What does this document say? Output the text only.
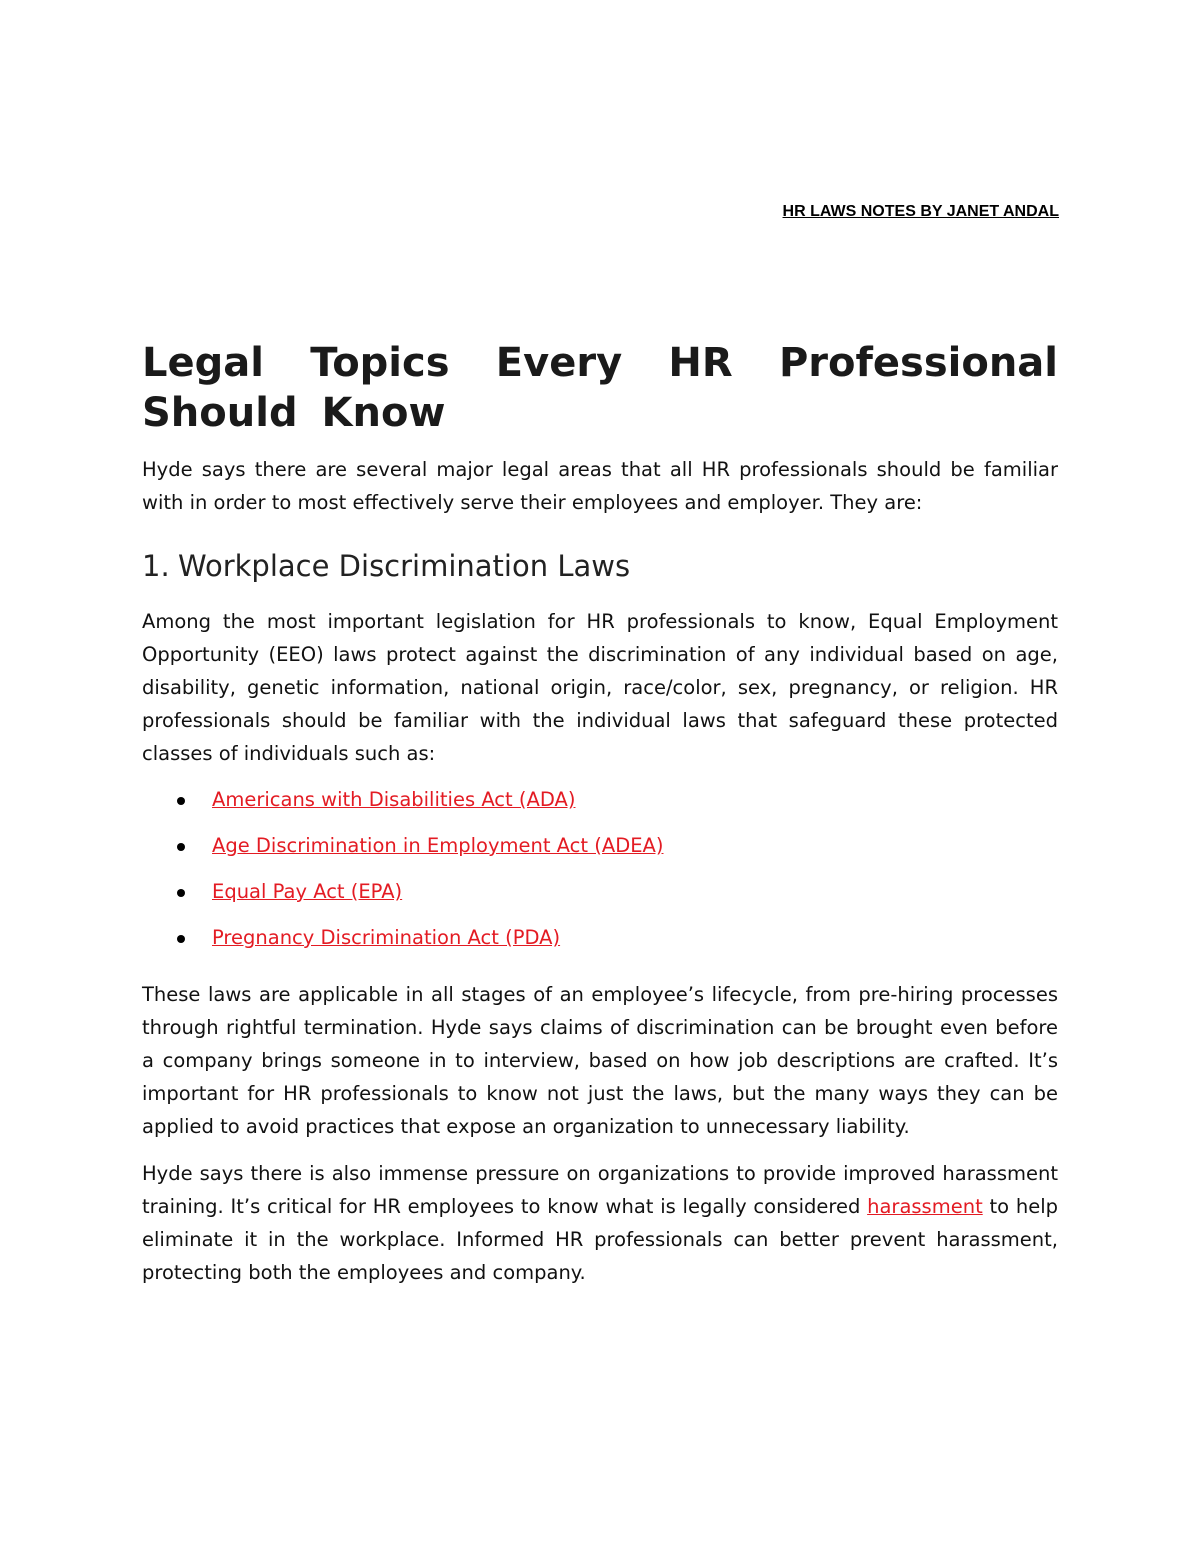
HR LAWS NOTES BY JANET ANDAL
Legal Topics Every HR Professional Should Know

Hyde says there are several major legal areas that all HR professionals should be familiar with in order to most effectively serve their employees and employer. They are:

1. Workplace Discrimination Laws

Among the most important legislation for HR professionals to know, Equal Employment Opportunity (EEO) laws protect against the discrimination of any individual based on age, disability, genetic information, national origin, race/color, sex, pregnancy, or religion. HR professionals should be familiar with the individual laws that safeguard these protected classes of individuals such as:

Americans with Disabilities Act (ADA)
Age Discrimination in Employment Act (ADEA)
Equal Pay Act (EPA)
Pregnancy Discrimination Act (PDA)

These laws are applicable in all stages of an employee’s lifecycle, from pre-hiring processes through rightful termination. Hyde says claims of discrimination can be brought even before a company brings someone in to interview, based on how job descriptions are crafted. It’s important for HR professionals to know not just the laws, but the many ways they can be applied to avoid practices that expose an organization to unnecessary liability.

Hyde says there is also immense pressure on organizations to provide improved harassment training. It’s critical for HR employees to know what is legally considered harassment to help eliminate it in the workplace. Informed HR professionals can better prevent harassment, protecting both the employees and company.
